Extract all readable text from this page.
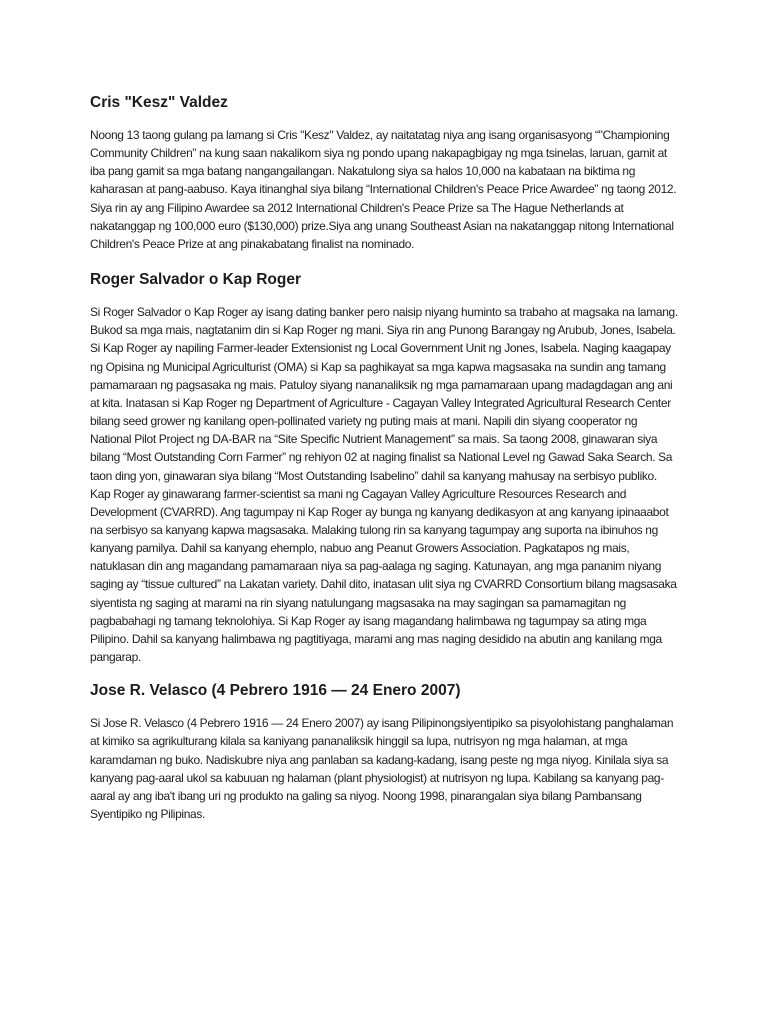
Cris "Kesz" Valdez

Noong 13 taong gulang pa lamang si Cris "Kesz" Valdez, ay naitatatag niya ang isang organisasyong “"Championing Community Children” na kung saan nakalikom siya ng pondo upang nakapagbigay ng mga tsinelas, laruan, gamit at iba pang gamit sa mga batang nangangailangan. Nakatulong siya sa halos 10,000 na kabataan na biktima ng kaharasan at pang-aabuso. Kaya itinanghal siya bilang “International Children's Peace Price Awardee” ng taong 2012. Siya rin ay ang Filipino Awardee sa 2012 International Children's Peace Prize sa The Hague Netherlands at nakatanggap ng 100,000 euro ($130,000) prize.Siya ang unang Southeast Asian na nakatanggap nitong International Children's Peace Prize at ang pinakabatang finalist na nominado.

Roger Salvador o Kap Roger

Si Roger Salvador o Kap Roger ay isang dating banker pero naisip niyang huminto sa trabaho at magsaka na lamang. Bukod sa mga mais, nagtatanim din si Kap Roger ng mani. Siya rin ang Punong Barangay ng Arubub, Jones, Isabela. Si Kap Roger ay napiling Farmer-leader Extensionist ng Local Government Unit ng Jones, Isabela. Naging kaagapay ng Opisina ng Municipal Agriculturist (OMA) si Kap sa paghikayat sa mga kapwa magsasaka na sundin ang tamang pamamaraan ng pagsasaka ng mais. Patuloy siyang nananaliksik ng mga pamamaraan upang madagdagan ang ani at kita. Inatasan si Kap Roger ng Department of Agriculture - Cagayan Valley Integrated Agricultural Research Center bilang seed grower ng kanilang open-pollinated variety ng puting mais at mani. Napili din siyang cooperator ng National Pilot Project ng DA-BAR na “Site Specific Nutrient Management” sa mais. Sa taong 2008, ginawaran siya bilang “Most Outstanding Corn Farmer” ng rehiyon 02 at naging finalist sa National Level ng Gawad Saka Search. Sa taon ding yon, ginawaran siya bilang “Most Outstanding Isabelino” dahil sa kanyang mahusay na serbisyo publiko. Kap Roger ay ginawarang farmer-scientist sa mani ng Cagayan Valley Agriculture Resources Research and Development (CVARRD). Ang tagumpay ni Kap Roger ay bunga ng kanyang dedikasyon at ang kanyang ipinaaabot na serbisyo sa kanyang kapwa magsasaka. Malaking tulong rin sa kanyang tagumpay ang suporta na ibinuhos ng kanyang pamilya. Dahil sa kanyang ehemplo, nabuo ang Peanut Growers Association. Pagkatapos ng mais, natuklasan din ang magandang pamamaraan niya sa pag-aalaga ng saging. Katunayan, ang mga pananim niyang saging ay “tissue cultured” na Lakatan variety. Dahil dito, inatasan ulit siya ng CVARRD Consortium bilang magsasaka siyentista ng saging at marami na rin siyang natulungang magsasaka na may sagingan sa pamamagitan ng pagbabahagi ng tamang teknolohiya. Si Kap Roger ay isang magandang halimbawa ng tagumpay sa ating mga Pilipino. Dahil sa kanyang halimbawa ng pagtitiyaga, marami ang mas naging desidido na abutin ang kanilang mga pangarap.

Jose R. Velasco (4 Pebrero 1916 — 24 Enero 2007)

Si Jose R. Velasco (4 Pebrero 1916 — 24 Enero 2007) ay isang Pilipinongsiyentipiko sa pisyolohistang panghalaman at kimiko sa agrikulturang kilala sa kaniyang pananaliksik hinggil sa lupa, nutrisyon ng mga halaman, at mga karamdaman ng buko. Nadiskubre niya ang panlaban sa kadang-kadang, isang peste ng mga niyog. Kinilala siya sa kanyang pag-aaral ukol sa kabuuan ng halaman (plant physiologist) at nutrisyon ng lupa. Kabilang sa kanyang pag-aaral ay ang iba't ibang uri ng produkto na galing sa niyog. Noong 1998, pinarangalan siya bilang Pambansang Syentipiko ng Pilipinas.
